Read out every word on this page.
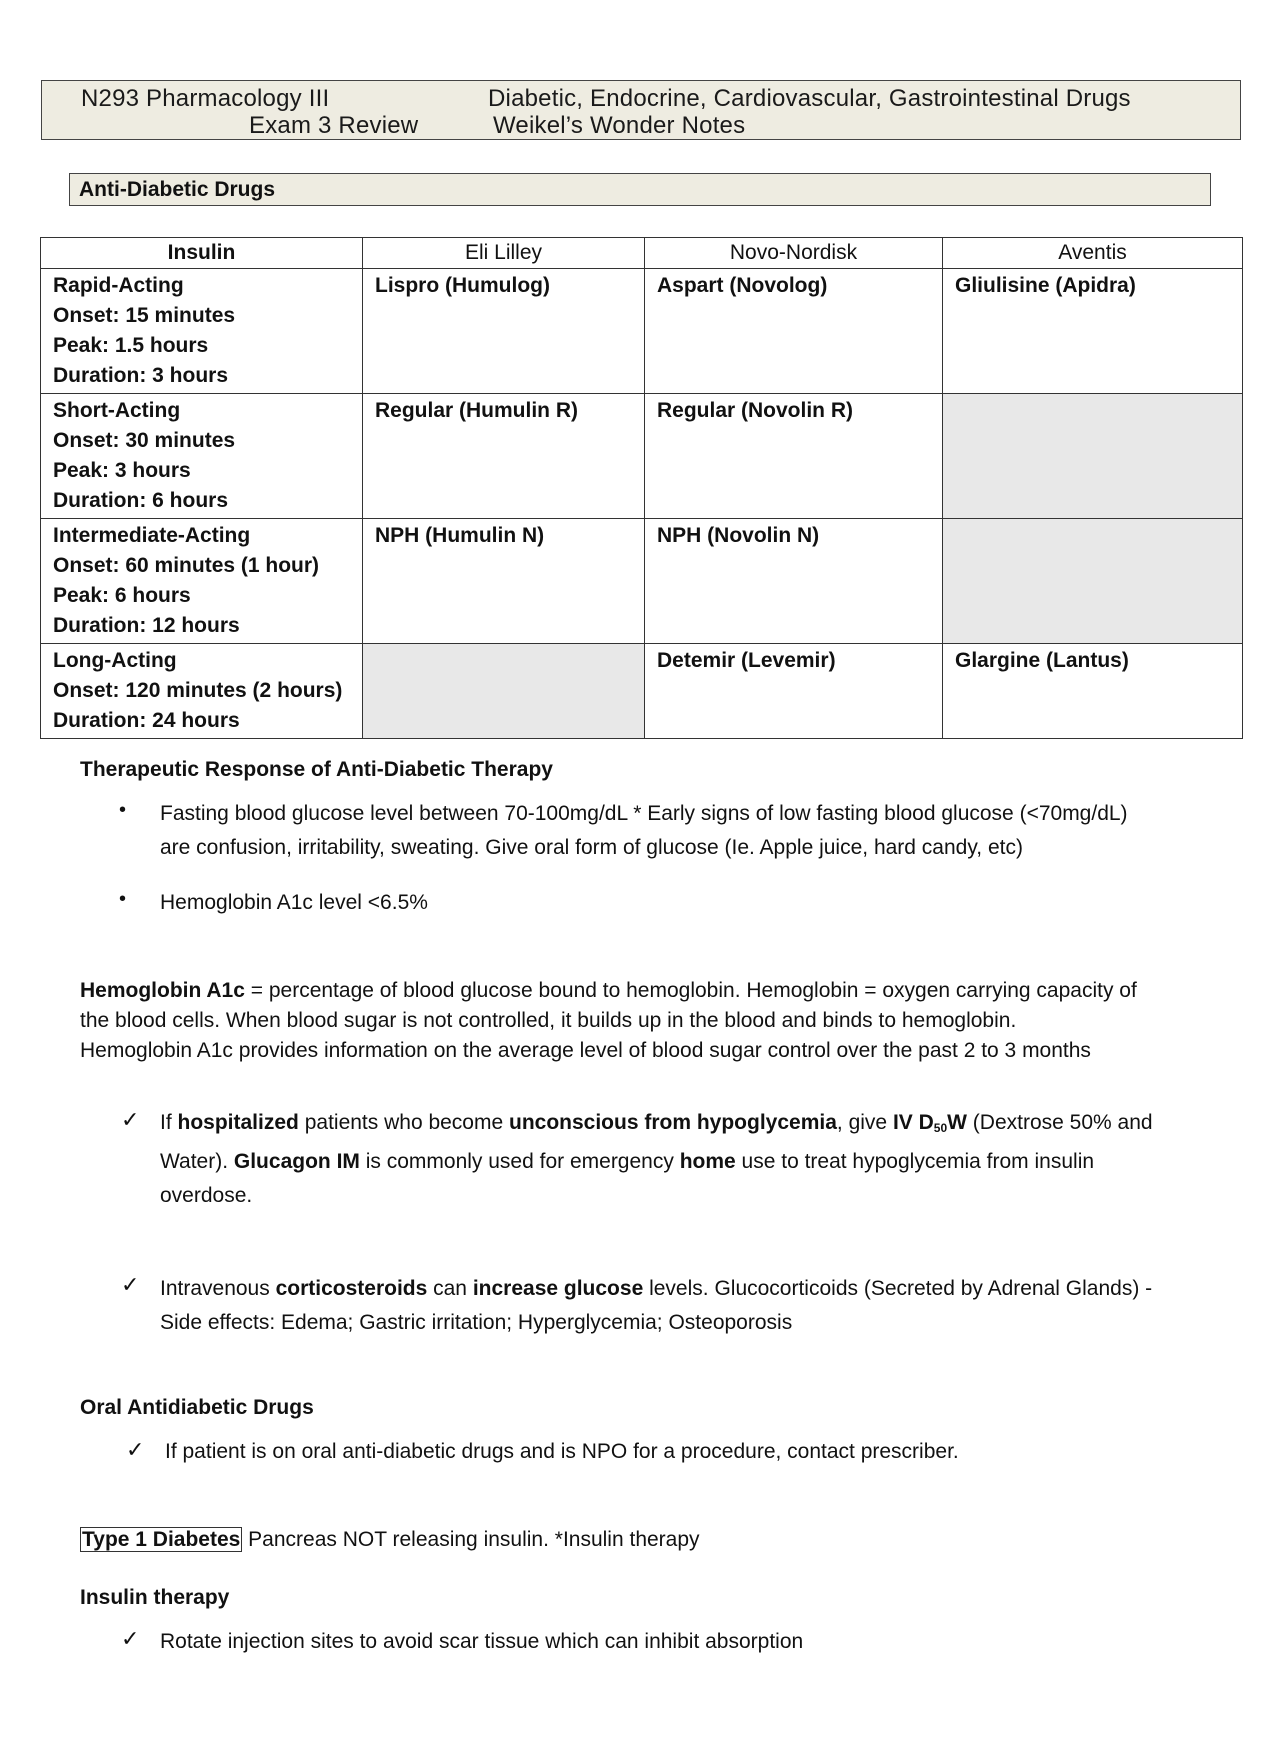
N293 Pharmacology III
Exam 3 Review
Diabetic, Endocrine, Cardiovascular, Gastrointestinal Drugs
Weikel’s Wonder Notes
Anti-Diabetic Drugs
Insulin	Eli Lilley	Novo-Nordisk	Aventis

Rapid-Acting
Onset: 15 minutes
Peak: 1.5 hours
Duration: 3 hours	Lispro (Humulog)	Aspart (Novolog)	Gliulisine (Apidra)

Short-Acting
Onset: 30 minutes
Peak: 3 hours
Duration: 6 hours	Regular (Humulin R)	Regular (Novolin R)	

Intermediate-Acting
Onset: 60 minutes (1 hour)
Peak: 6 hours
Duration: 12 hours	NPH (Humulin N)	NPH (Novolin N)	

Long-Acting
Onset: 120 minutes (2 hours)
Duration: 24 hours		Detemir (Levemir)	Glargine (Lantus)
Therapeutic Response of Anti-Diabetic Therapy
• Fasting blood glucose level between 70-100mg/dL * Early signs of low fasting blood glucose (<70mg/dL)
are confusion, irritability, sweating. Give oral form of glucose (Ie. Apple juice, hard candy, etc)
• Hemoglobin A1c level <6.5%
Hemoglobin A1c = percentage of blood glucose bound to hemoglobin. Hemoglobin = oxygen carrying capacity of
the blood cells. When blood sugar is not controlled, it builds up in the blood and binds to hemoglobin.
Hemoglobin A1c provides information on the average level of blood sugar control over the past 2 to 3 months
✓ If hospitalized patients who become unconscious from hypoglycemia, give IV $D_{50}W$ (Dextrose 50% and
Water). Glucagon IM is commonly used for emergency home use to treat hypoglycemia from insulin
overdose.
✓ Intravenous corticosteroids can increase glucose levels. Glucocorticoids (Secreted by Adrenal Glands) -
Side effects: Edema; Gastric irritation; Hyperglycemia; Osteoporosis
Oral Antidiabetic Drugs
✓ If patient is on oral anti-diabetic drugs and is NPO for a procedure, contact prescriber.
Type 1 Diabetes Pancreas NOT releasing insulin. *Insulin therapy
Insulin therapy
✓ Rotate injection sites to avoid scar tissue which can inhibit absorption
